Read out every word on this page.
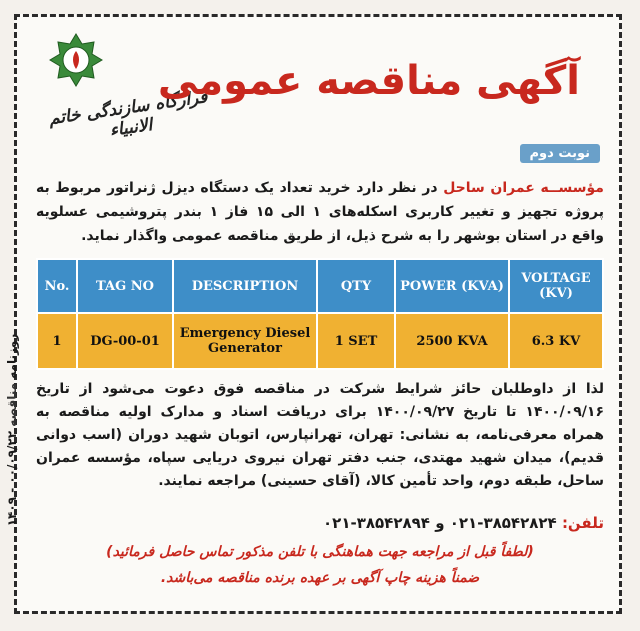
روزنامه مناقصه ۰۰/۰۹/۲۲ - ۱۴۰۹
قرارگاه سازندگی خاتم الانبیاء
آگهی مناقصه عمومی
نوبت دوم
مؤسســه عمران ساحل در نظر دارد خرید تعداد یک دستگاه دیزل ژنراتور مربوط به پروژه تجهیز و تغییر کاربری اسکله‌های ۱ الی ۱۵ فاز ۱ بندر پتروشیمی عسلویه واقع در استان بوشهر را به شرح ذیل، از طریق مناقصه عمومی واگذار نماید.
No.	TAG NO	DESCRIPTION	QTY	POWER (KVA)	VOLTAGE (KV)
1	DG-00-01	Emergency Diesel Generator	1 SET	2500 KVA	6.3 KV
لذا از داوطلبان حائز شرایط شرکت در مناقصه فوق دعوت می‌شود از تاریخ ۱۴۰۰/۰۹/۱۶ تا تاریخ ۱۴۰۰/۰۹/۲۷ برای دریافت اسناد و مدارک اولیه مناقصه به همراه معرفی‌نامه، به نشانی: تهران، تهرانپارس، اتوبان شهید دوران (اسب دوانی قدیم)، میدان شهید مهتدی، جنب دفتر تهران نیروی دریایی سپاه، مؤسسه عمران ساحل، طبقه دوم، واحد تأمین کالا، (آقای حسینی) مراجعه نمایند.
تلفن: ۳۸۵۴۲۸۲۴-۰۲۱ و ۳۸۵۴۲۸۹۴-۰۲۱
(لطفاً قبل از مراجعه جهت هماهنگی با تلفن مذکور تماس حاصل فرمائید)
ضمناً هزینه چاپ آگهی بر عهده برنده مناقصه می‌باشد.
